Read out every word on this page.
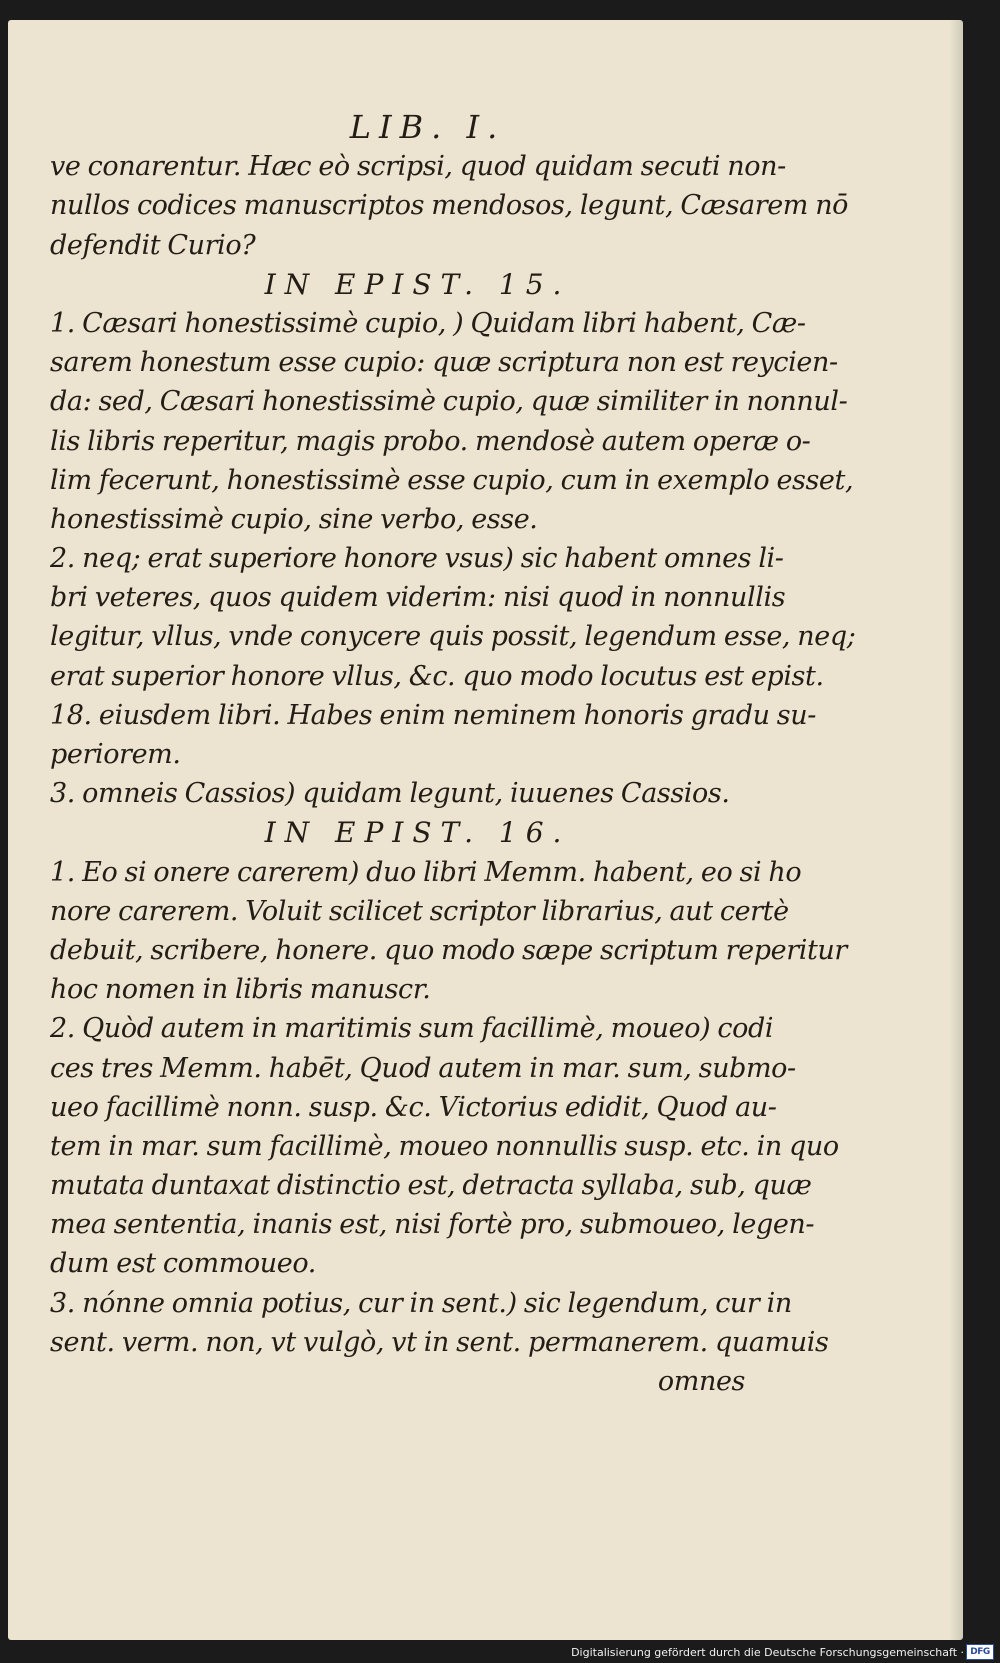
LIB. I.
ve conarentur. Hæc eò scripsi, quod quidam secuti non-
nullos codices manuscriptos mendosos, legunt, Cæsarem nō
defendit Curio?
IN EPIST. 15.
1. Cæsari honestissimè cupio, ) Quidam libri habent, Cæ-
sarem honestum esse cupio: quæ scriptura non est reycien-
da: sed, Cæsari honestissimè cupio, quæ similiter in nonnul-
lis libris reperitur, magis probo. mendosè autem operæ o-
lim fecerunt, honestissimè esse cupio, cum in exemplo esset,
honestissimè cupio, sine verbo, esse.
2. neq; erat superiore honore vsus) sic habent omnes li-
bri veteres, quos quidem viderim: nisi quod in nonnullis
legitur, vllus, vnde conycere quis possit, legendum esse, neq;
erat superior honore vllus, &c. quo modo locutus est epist.
18. eiusdem libri. Habes enim neminem honoris gradu su-
periorem.
3. omneis Cassios) quidam legunt, iuuenes Cassios.
IN EPIST. 16.
1. Eo si onere carerem) duo libri Memm. habent, eo si ho
nore carerem. Voluit scilicet scriptor librarius, aut certè
debuit, scribere, honere. quo modo sæpe scriptum reperitur
hoc nomen in libris manuscr.
2. Quòd autem in maritimis sum facillimè, moueo) codi
ces tres Memm. habēt, Quod autem in mar. sum, submo-
ueo facillimè nonn. susp. &c. Victorius edidit, Quod au-
tem in mar. sum facillimè, moueo nonnullis susp. etc. in quo
mutata duntaxat distinctio est, detracta syllaba, sub, quæ
mea sententia, inanis est, nisi fortè pro, submoueo, legen-
dum est commoueo.
3. nónne omnia potius, cur in sent.) sic legendum, cur in
sent. verm. non, vt vulgò, vt in sent. permanerem. quamuis
omnes
Digitalisierung gefördert durch die Deutsche Forschungsgemeinschaft · DFG
